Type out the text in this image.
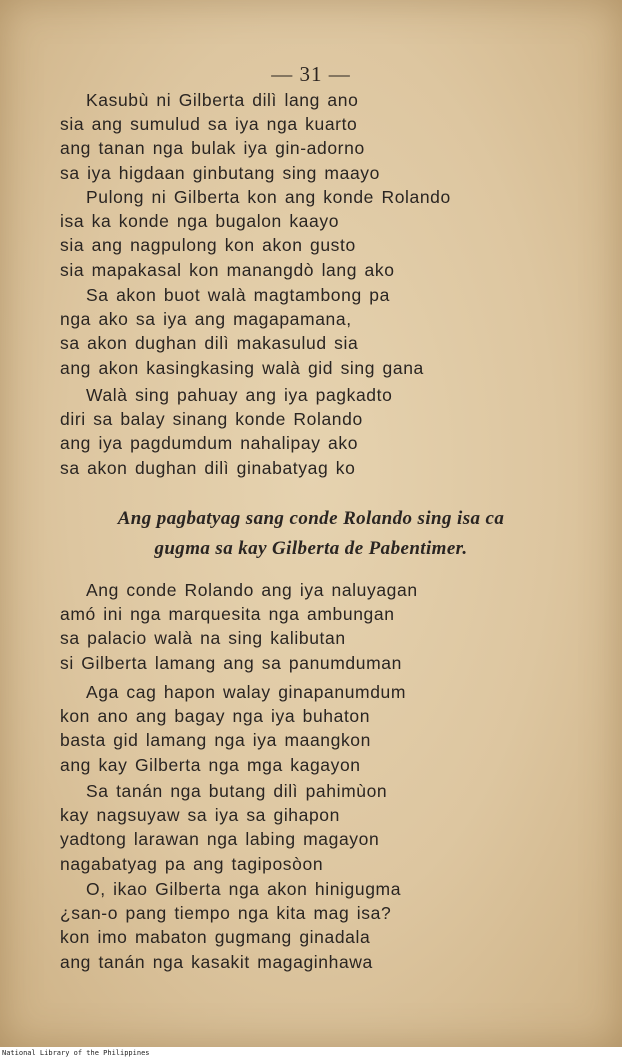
— 31 —
Kasubù ni Gilberta dilì lang ano
sia ang sumulud sa iya nga kuarto
ang tanan nga bulak iya gin-adorno
sa iya higdaan ginbutang sing maayo
Pulong ni Gilberta kon ang konde Rolando
isa ka konde nga bugalon kaayo
sia ang nagpulong kon akon gusto
sia mapakasal kon manangdò lang ako
Sa akon buot walà magtambong pa
nga ako sa iya ang magapamana,
sa akon dughan dilì makasulud sia
ang akon kasingkasing walà gid sing gana
Walà sing pahuay ang iya pagkadto
diri sa balay sinang konde Rolando
ang iya pagdumdum nahalipay ako
sa akon dughan dilì ginabatyag ko
Ang pagbatyag sang conde Rolando sing isa ca
gugma sa kay Gilberta de Pabentimer.
Ang conde Rolando ang iya naluyagan
amó ini nga marquesita nga ambungan
sa palacio walà na sing kalibutan
si Gilberta lamang ang sa panumduman
Aga cag hapon walay ginapanumdum
kon ano ang bagay nga iya buhaton
basta gid lamang nga iya maangkon
ang kay Gilberta nga mga kagayon
Sa tanán nga butang dilì pahimùon
kay nagsuyaw sa iya sa gihapon
yadtong larawan nga labing magayon
nagabatyag pa ang tagiposòon
O, ikao Gilberta nga akon hinigugma
¿san-o pang tiempo nga kita mag isa?
kon imo mabaton gugmang ginadala
ang tanán nga kasakit magaginhawa
National Library of the Philippines
